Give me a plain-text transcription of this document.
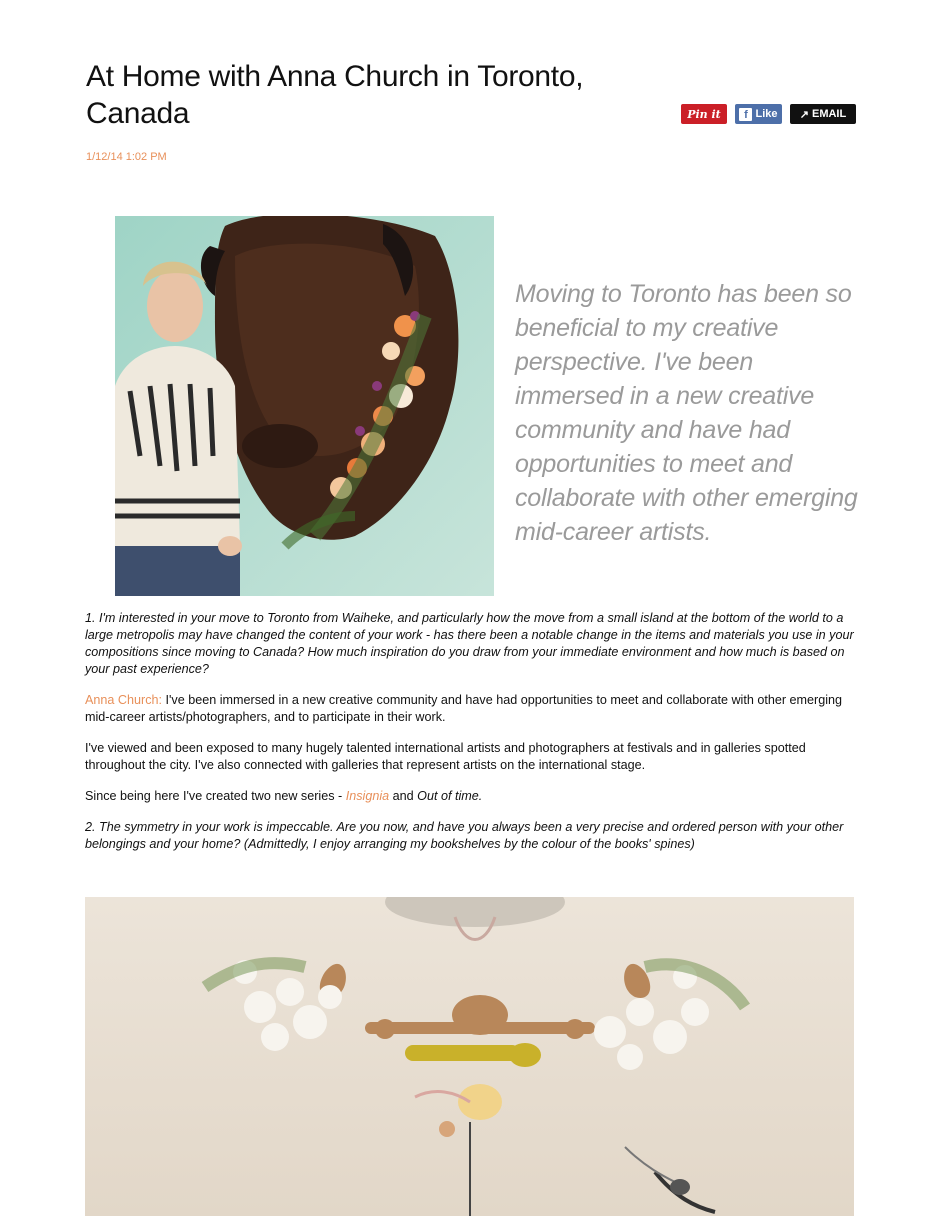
At Home with Anna Church in Toronto, Canada	Pin it	f Like ↗ EMAIL
1/12/14 1:02 PM
Moving to Toronto has been so beneficial to my creative perspective. I've been immersed in a new creative community and have had opportunities to meet and collaborate with other emerging mid-career artists.

1. I'm interested in your move to Toronto from Waiheke, and particularly how the move from a small island at the bottom of the world to a large metropolis may have changed the content of your work - has there been a notable change in the items and materials you use in your compositions since moving to Canada? How much inspiration do you draw from your immediate environment and how much is based on your past experience?

Anna Church: I've been immersed in a new creative community and have had opportunities to meet and collaborate with other emerging mid-career artists/photographers, and to participate in their work.

I've viewed and been exposed to many hugely talented international artists and photographers at festivals and in galleries spotted throughout the city. I've also connected with galleries that represent artists on the international stage.

Since being here I've created two new series - Insignia and Out of time.

2. The symmetry in your work is impeccable. Are you now, and have you always been a very precise and ordered person with your other belongings and your home? (Admittedly, I enjoy arranging my bookshelves by the colour of the books' spines)
